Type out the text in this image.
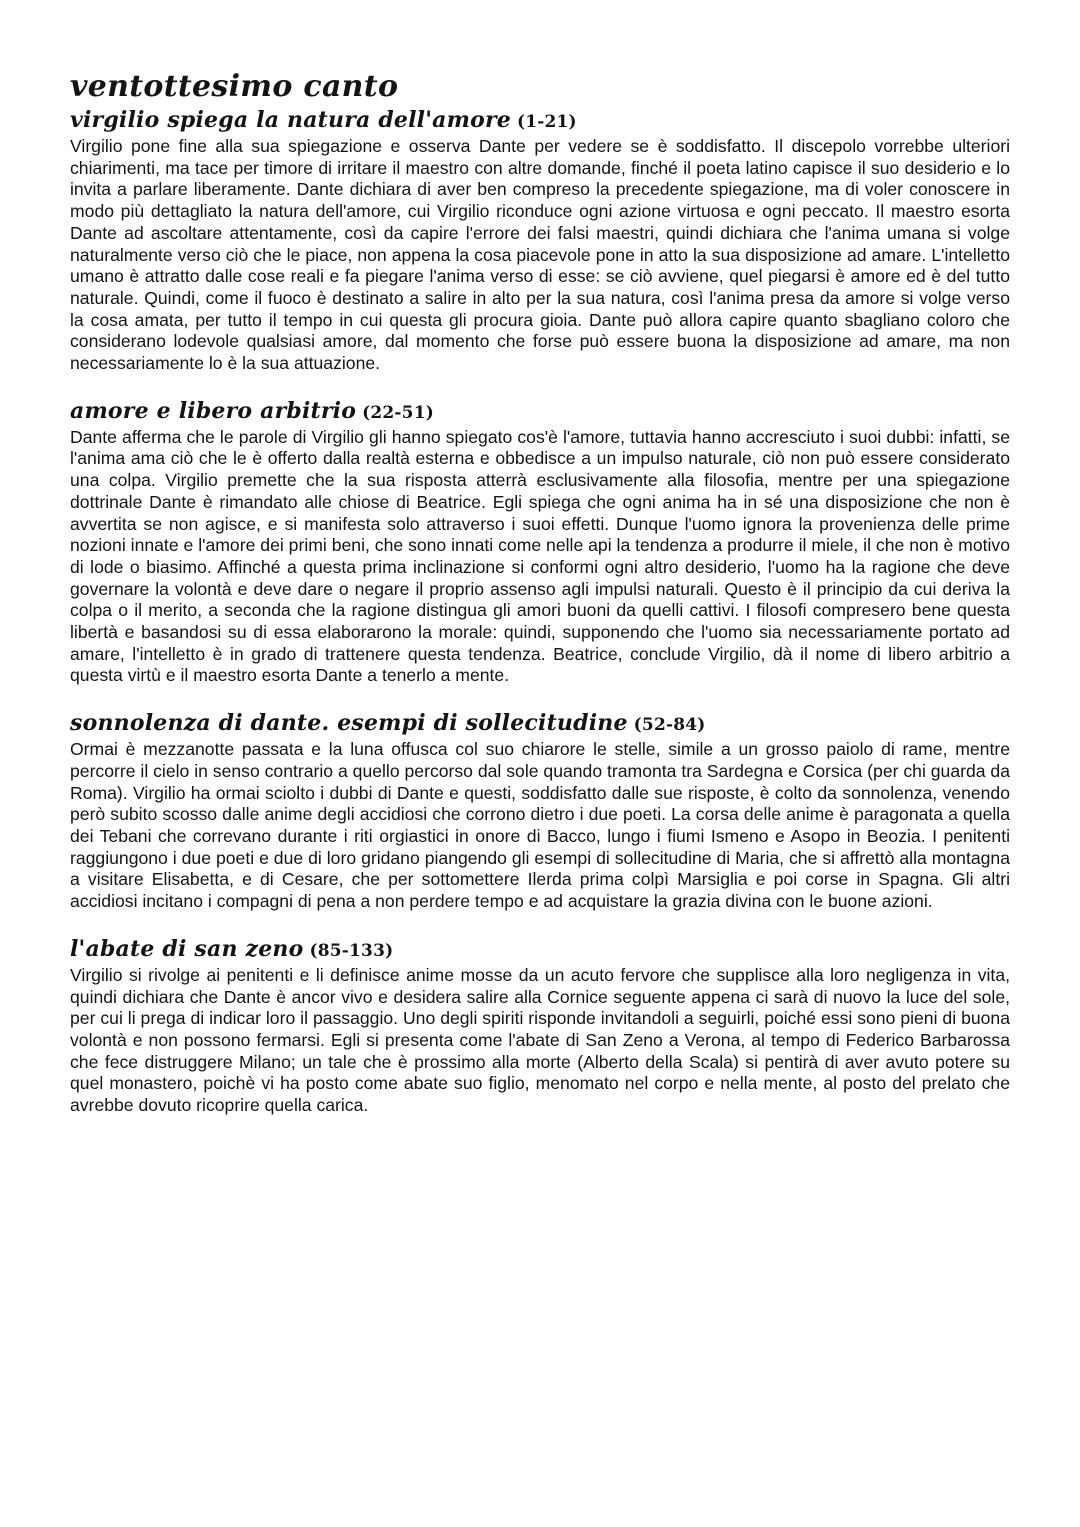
ventottesimo canto
virgilio spiega la natura dell'amore (1-21)

Virgilio pone fine alla sua spiegazione e osserva Dante per vedere se è soddisfatto. Il discepolo vorrebbe ulteriori chiarimenti, ma tace per timore di irritare il maestro con altre domande, finché il poeta latino capisce il suo desiderio e lo invita a parlare liberamente. Dante dichiara di aver ben compreso la precedente spiegazione, ma di voler conoscere in modo più dettagliato la natura dell'amore, cui Virgilio riconduce ogni azione virtuosa e ogni peccato. Il maestro esorta Dante ad ascoltare attentamente, così da capire l'errore dei falsi maestri, quindi dichiara che l'anima umana si volge naturalmente verso ciò che le piace, non appena la cosa piacevole pone in atto la sua disposizione ad amare. L'intelletto umano è attratto dalle cose reali e fa piegare l'anima verso di esse: se ciò avviene, quel piegarsi è amore ed è del tutto naturale. Quindi, come il fuoco è destinato a salire in alto per la sua natura, così l'anima presa da amore si volge verso la cosa amata, per tutto il tempo in cui questa gli procura gioia. Dante può allora capire quanto sbagliano coloro che considerano lodevole qualsiasi amore, dal momento che forse può essere buona la disposizione ad amare, ma non necessariamente lo è la sua attuazione.

amore e libero arbitrio (22-51)

Dante afferma che le parole di Virgilio gli hanno spiegato cos'è l'amore, tuttavia hanno accresciuto i suoi dubbi: infatti, se l'anima ama ciò che le è offerto dalla realtà esterna e obbedisce a un impulso naturale, ciò non può essere considerato una colpa. Virgilio premette che la sua risposta atterrà esclusivamente alla filosofia, mentre per una spiegazione dottrinale Dante è rimandato alle chiose di Beatrice. Egli spiega che ogni anima ha in sé una disposizione che non è avvertita se non agisce, e si manifesta solo attraverso i suoi effetti. Dunque l'uomo ignora la provenienza delle prime nozioni innate e l'amore dei primi beni, che sono innati come nelle api la tendenza a produrre il miele, il che non è motivo di lode o biasimo. Affinché a questa prima inclinazione si conformi ogni altro desiderio, l'uomo ha la ragione che deve governare la volontà e deve dare o negare il proprio assenso agli impulsi naturali. Questo è il principio da cui deriva la colpa o il merito, a seconda che la ragione distingua gli amori buoni da quelli cattivi. I filosofi compresero bene questa libertà e basandosi su di essa elaborarono la morale: quindi, supponendo che l'uomo sia necessariamente portato ad amare, l'intelletto è in grado di trattenere questa tendenza. Beatrice, conclude Virgilio, dà il nome di libero arbitrio a questa virtù e il maestro esorta Dante a tenerlo a mente.

sonnolenza di dante. esempi di sollecitudine (52-84)

Ormai è mezzanotte passata e la luna offusca col suo chiarore le stelle, simile a un grosso paiolo di rame, mentre percorre il cielo in senso contrario a quello percorso dal sole quando tramonta tra Sardegna e Corsica (per chi guarda da Roma). Virgilio ha ormai sciolto i dubbi di Dante e questi, soddisfatto dalle sue risposte, è colto da sonnolenza, venendo però subito scosso dalle anime degli accidiosi che corrono dietro i due poeti. La corsa delle anime è paragonata a quella dei Tebani che correvano durante i riti orgiastici in onore di Bacco, lungo i fiumi Ismeno e Asopo in Beozia. I penitenti raggiungono i due poeti e due di loro gridano piangendo gli esempi di sollecitudine di Maria, che si affrettò alla montagna a visitare Elisabetta, e di Cesare, che per sottomettere Ilerda prima colpì Marsiglia e poi corse in Spagna. Gli altri accidiosi incitano i compagni di pena a non perdere tempo e ad acquistare la grazia divina con le buone azioni.

l'abate di san zeno (85-133)

Virgilio si rivolge ai penitenti e li definisce anime mosse da un acuto fervore che supplisce alla loro negligenza in vita, quindi dichiara che Dante è ancor vivo e desidera salire alla Cornice seguente appena ci sarà di nuovo la luce del sole, per cui li prega di indicar loro il passaggio. Uno degli spiriti risponde invitandoli a seguirli, poiché essi sono pieni di buona volontà e non possono fermarsi. Egli si presenta come l'abate di San Zeno a Verona, al tempo di Federico Barbarossa che fece distruggere Milano; un tale che è prossimo alla morte (Alberto della Scala) si pentirà di aver avuto potere su quel monastero, poichè vi ha posto come abate suo figlio, menomato nel corpo e nella mente, al posto del prelato che avrebbe dovuto ricoprire quella carica.
